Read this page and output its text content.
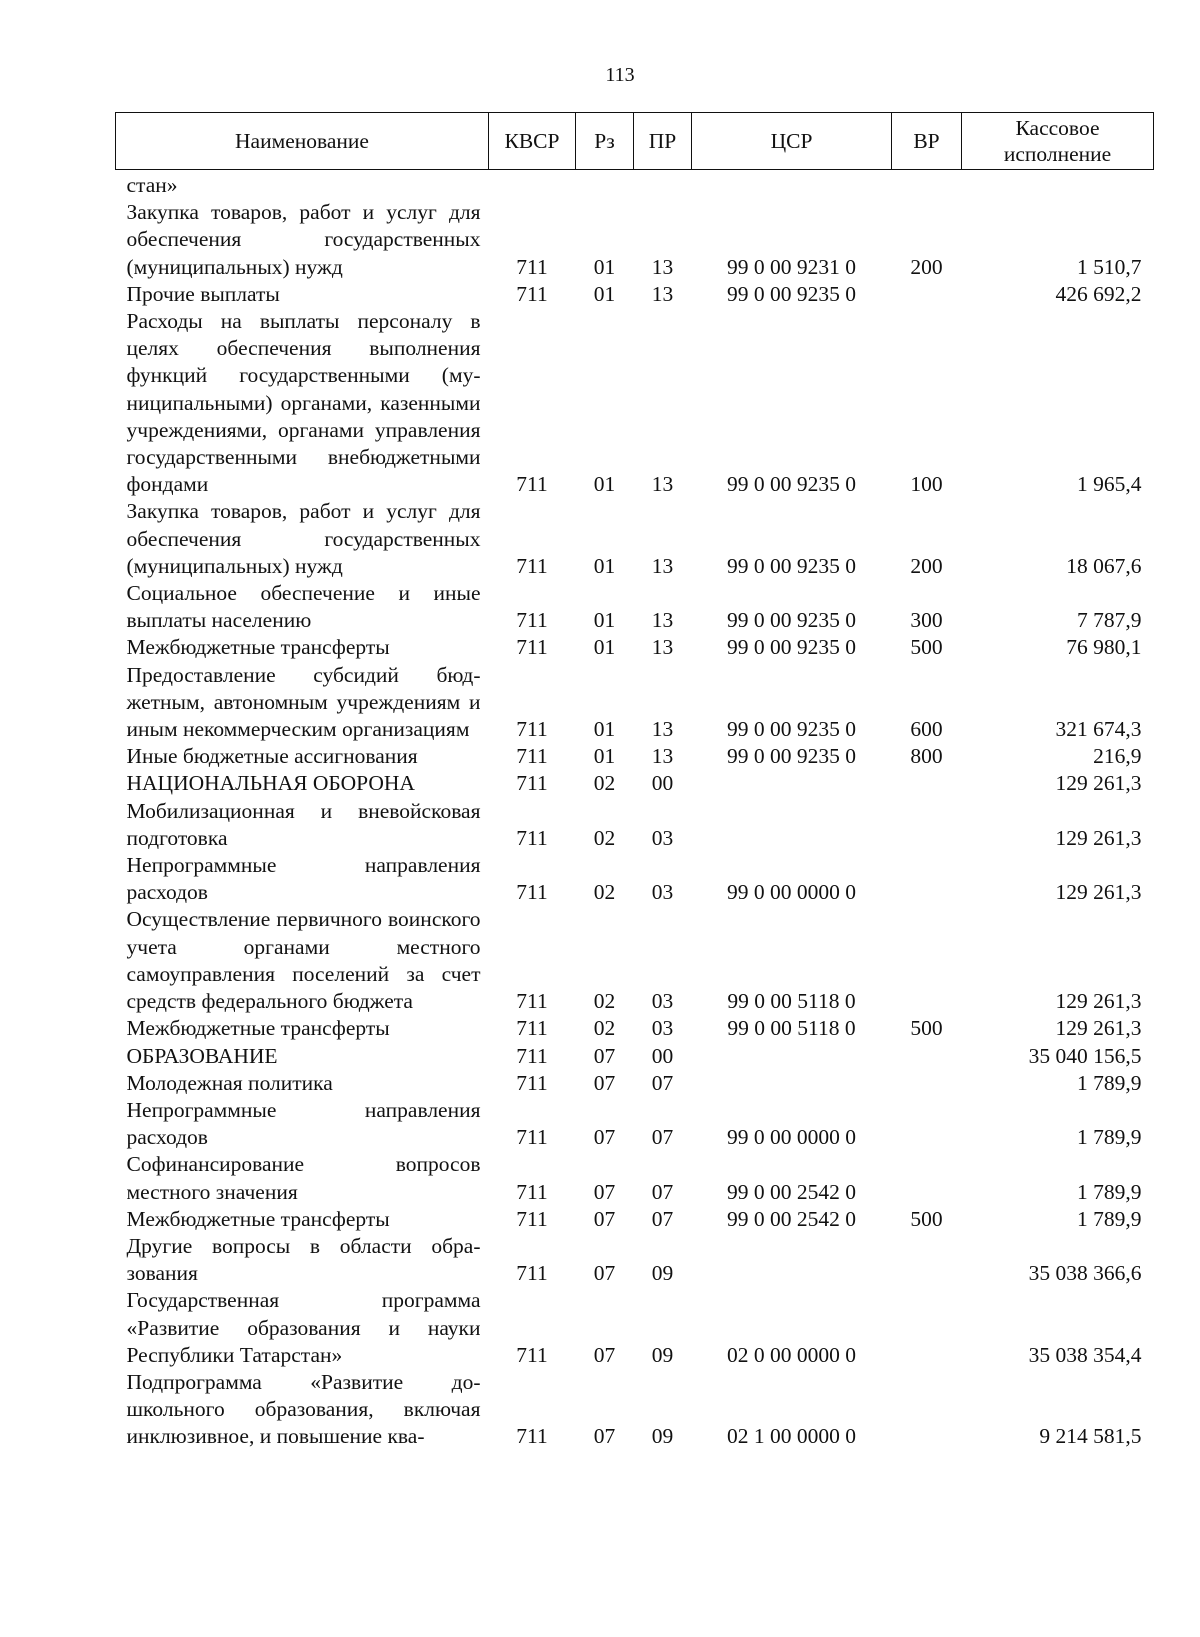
113
Наименование	КВСР	Рз	ПР	ЦСР	ВР	Кассовое исполнение
стан»						
Закупка товаров, работ и услуг для обеспечения государственных (муниципальных) нужд	711	01	13	99 0 00 9231 0	200	1 510,7
Прочие выплаты	711	01	13	99 0 00 9235 0		426 692,2
Расходы на выплаты персоналу в целях обеспечения выполнения функций государственными (муниципальными) органами, казенными учреждениями, органами управления государственными внебюджетными фондами	711	01	13	99 0 00 9235 0	100	1 965,4
Закупка товаров, работ и услуг для обеспечения государственных (муниципальных) нужд	711	01	13	99 0 00 9235 0	200	18 067,6
Социальное обеспечение и иные выплаты населению	711	01	13	99 0 00 9235 0	300	7 787,9
Межбюджетные трансферты	711	01	13	99 0 00 9235 0	500	76 980,1
Предоставление субсидий бюджетным, автономным учреждениям и иным некоммерческим организациям	711	01	13	99 0 00 9235 0	600	321 674,3
Иные бюджетные ассигнования	711	01	13	99 0 00 9235 0	800	216,9
НАЦИОНАЛЬНАЯ ОБОРОНА	711	02	00			129 261,3
Мобилизационная и вневойсковая подготовка	711	02	03			129 261,3
Непрограммные направления расходов	711	02	03	99 0 00 0000 0		129 261,3
Осуществление первичного воинского учета органами местного самоуправления поселений за счет средств федерального бюджета	711	02	03	99 0 00 5118 0		129 261,3
Межбюджетные трансферты	711	02	03	99 0 00 5118 0	500	129 261,3
ОБРАЗОВАНИЕ	711	07	00			35 040 156,5
Молодежная политика	711	07	07			1 789,9
Непрограммные направления расходов	711	07	07	99 0 00 0000 0		1 789,9
Софинансирование вопросов местного значения	711	07	07	99 0 00 2542 0		1 789,9
Межбюджетные трансферты	711	07	07	99 0 00 2542 0	500	1 789,9
Другие вопросы в области образования	711	07	09			35 038 366,6
Государственная программа «Развитие образования и науки Республики Татарстан»	711	07	09	02 0 00 0000 0		35 038 354,4
Подпрограмма «Развитие дошкольного образования, включая инклюзивное, и повышение ква-	711	07	09	02 1 00 0000 0		9 214 581,5
